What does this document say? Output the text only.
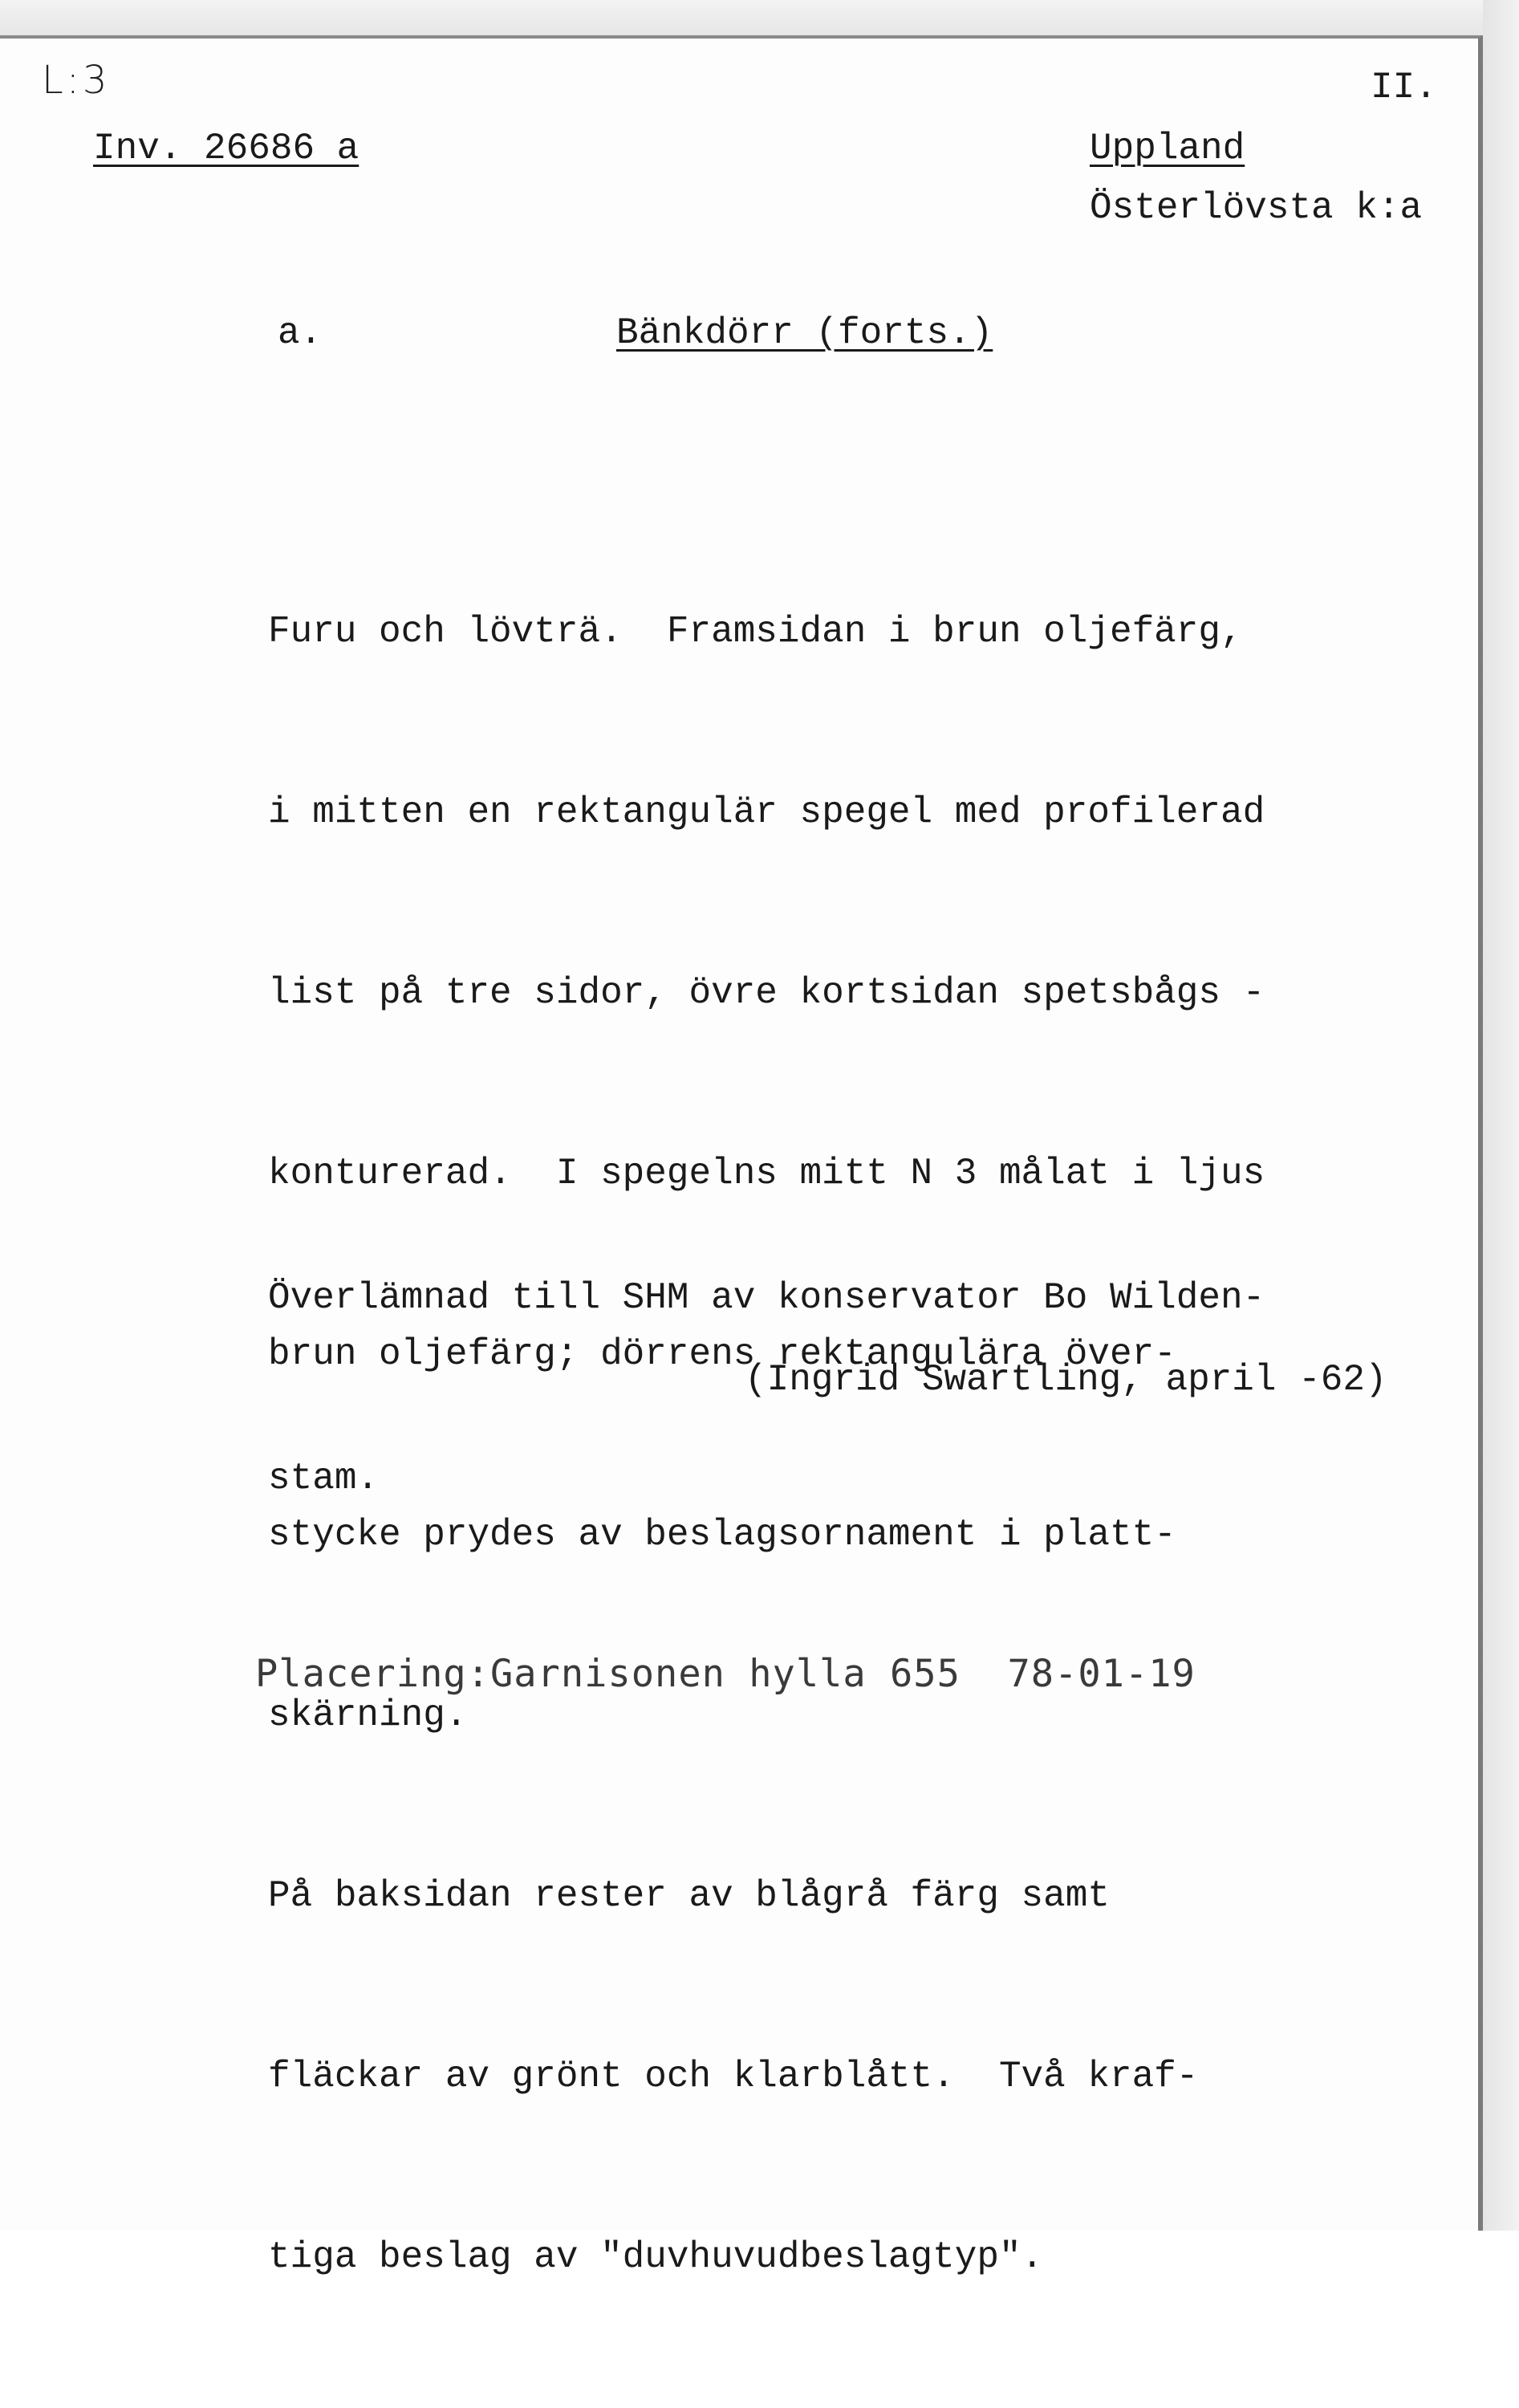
L:3	II.
Inv. 26686 a	Uppland
Österlövsta k:a
a.	Bänkdörr (forts.)

Furu och lövträ.  Framsidan i brun oljefärg,

i mitten en rektangulär spegel med profilerad

list på tre sidor, övre kortsidan spetsbågs -

konturerad.  I spegelns mitt N 3 målat i ljus

brun oljefärg; dörrens rektangulära över-

stycke prydes av beslagsornament i platt-

skärning.

På baksidan rester av blågrå färg samt

fläckar av grönt och klarblått.  Två kraf-

tiga beslag av "duvhuvudbeslagtyp".

Överlämnad till SHM av konservator Bo Wilden-

stam.

(Ingrid Swartling, april -62)
Placering:Garnisonen hylla 655  78-01-19
